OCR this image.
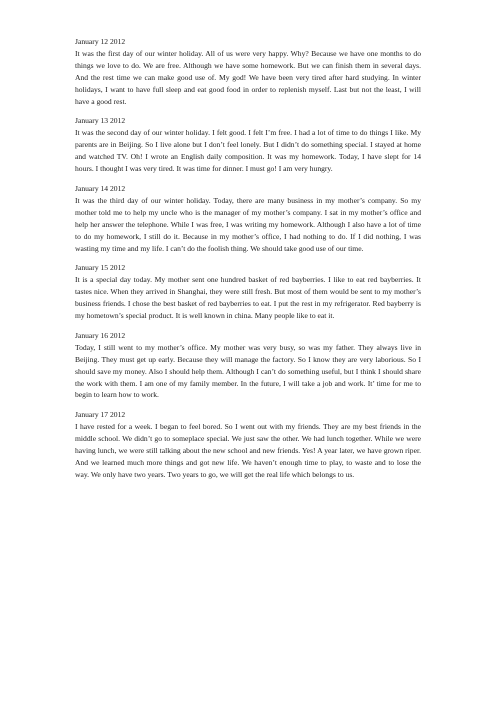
January 12 2012
It was the first day of our winter holiday. All of us were very happy. Why? Because we have one months to do things we love to do. We are free. Although we have some homework. But we can finish them in several days. And the rest time we can make good use of. My god! We have been very tired after hard studying. In winter holidays, I want to have full sleep and eat good food in order to replenish myself. Last but not the least, I will have a good rest.
January 13 2012
It was the second day of our winter holiday. I felt good. I felt I’m free. I had a lot of time to do things I like. My parents are in Beijing. So I live alone but I don’t feel lonely. But I didn’t do something special. I stayed at home and watched TV. Oh! I wrote an English daily composition. It was my homework. Today, I have slept for 14 hours. I thought I was very tired. It was time for dinner. I must go! I am very hungry.
January 14 2012
It was the third day of our winter holiday. Today, there are many business in my mother’s company. So my mother told me to help my uncle who is the manager of my mother’s company. I sat in my mother’s office and help her answer the telephone. While I was free, I was writing my homework. Although I also have a lot of time to do my homework, I still do it. Because in my mother’s office, I had nothing to do. If I did nothing, I was wasting my time and my life. I can’t do the foolish thing. We should take good use of our time.
January 15 2012
It is a special day today. My mother sent one hundred basket of red bayberries. I like to eat red bayberries. It tastes nice. When they arrived in Shanghai, they were still fresh. But most of them would be sent to my mother’s business friends. I chose the best basket of red bayberries to eat. I put the rest in my refrigerator. Red bayberry is my hometown’s special product. It is well known in china. Many people like to eat it.
January 16 2012
Today, I still went to my mother’s office. My mother was very busy, so was my father. They always live in Beijing. They must get up early. Because they will manage the factory. So I know they are very laborious. So I should save my money. Also I should help them. Although I can’t do something useful, but I think I should share the work with them. I am one of my family member. In the future, I will take a job and work. It’ time for me to begin to learn how to work.
January 17 2012
I have rested for a week. I began to feel bored. So I went out with my friends. They are my best friends in the middle school. We didn’t go to someplace special. We just saw the other. We had lunch together. While we were having lunch, we were still talking about the new school and new friends. Yes! A year later, we have grown riper. And we learned much more things and got new life. We haven’t enough time to play, to waste and to lose the way. We only have two years. Two years to go, we will get the real life which belongs to us.
